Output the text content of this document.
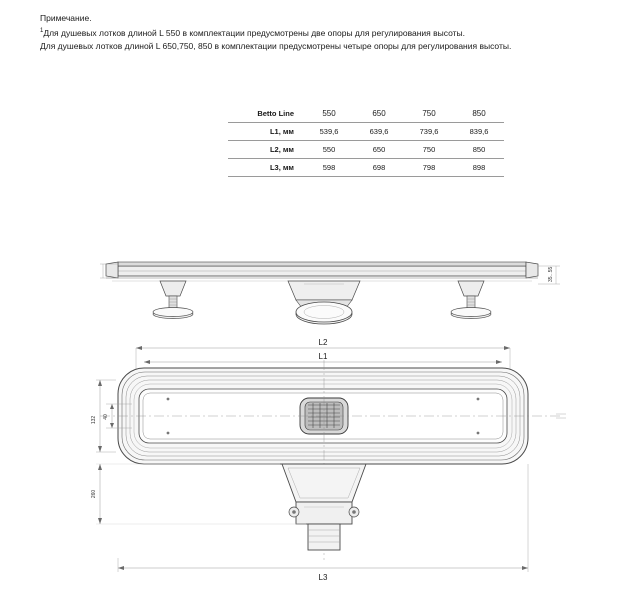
Примечание.
$^1$Для душевых лотков длиной L 550 в комплектации предусмотрены две опоры для регулирования высоты.
Для душевых лотков длиной L 650,750, 850 в комплектации предусмотрены четыре опоры для регулирования высоты.
Betto Line	550	650	750	850
L1, мм	539,6	639,6	739,6	839,6
L2, мм	550	650	750	850
L3, мм	598	698	798	898
35...55
L2
L1
132 40
260
L3
